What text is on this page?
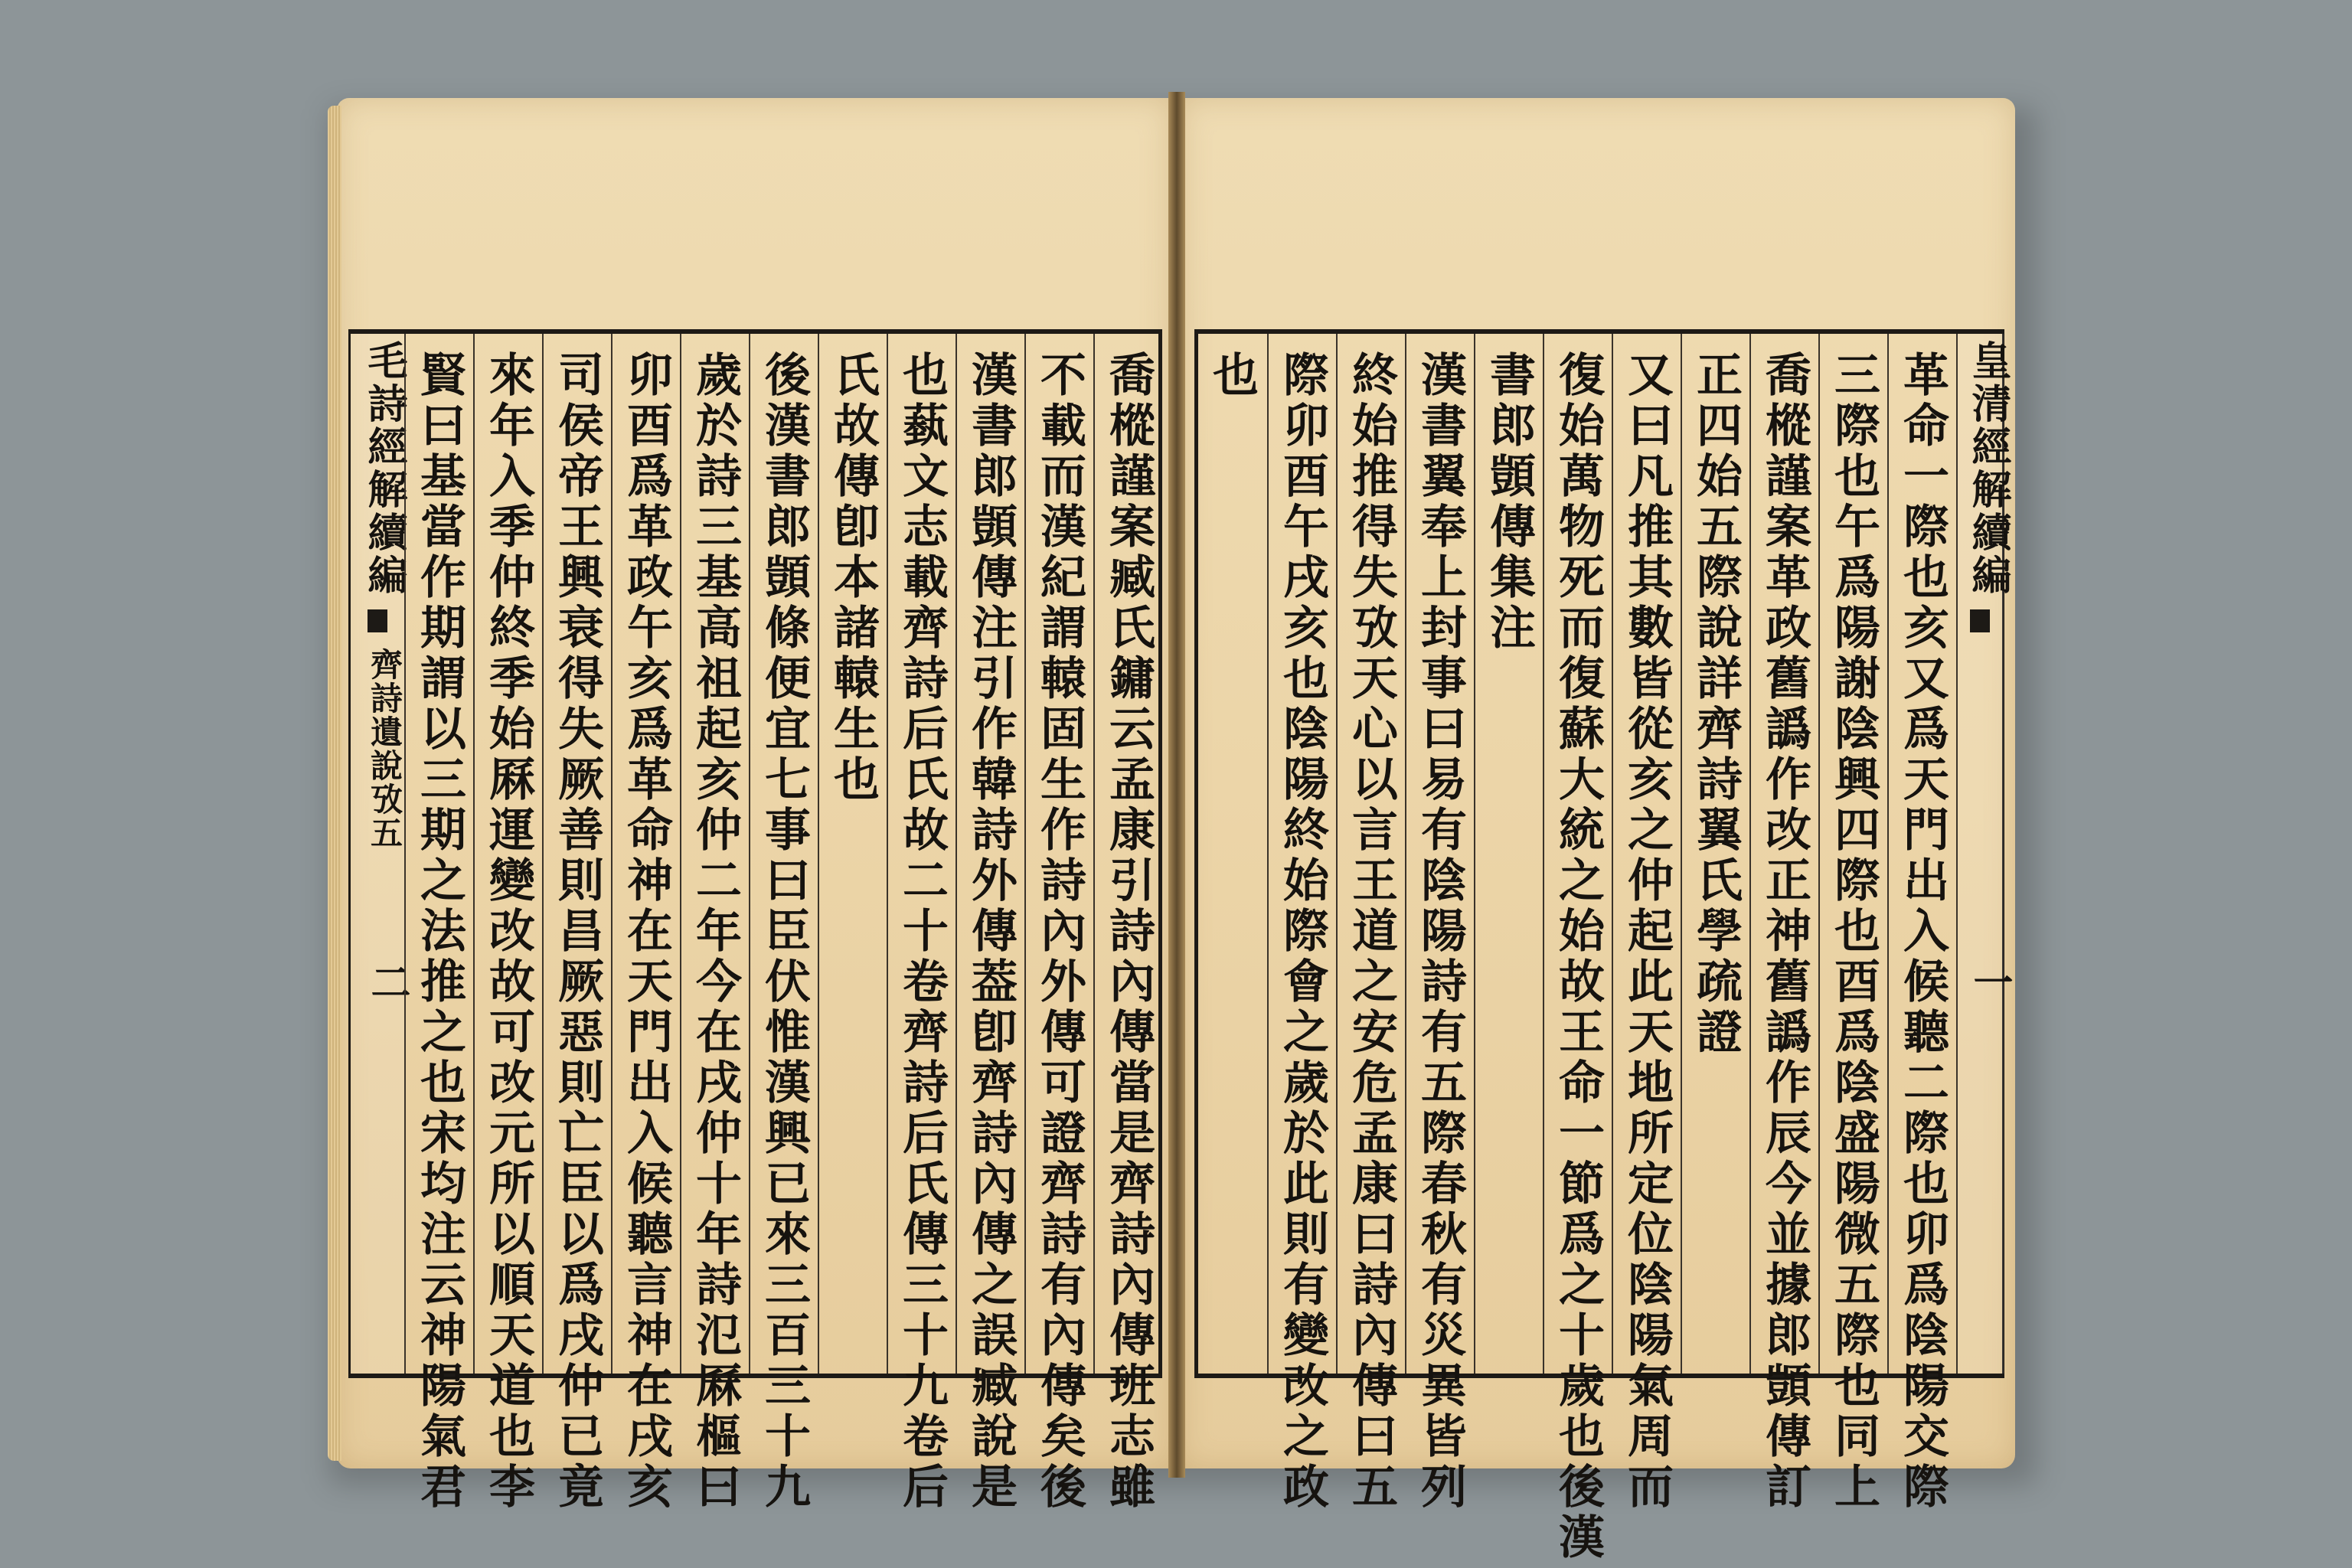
毛詩經解續編
齊詩遺說攷五
二 賢曰基當作期謂以三期之法推之也宋均注云神陽氣君 來年入季仲終季始厤運變改故可改元所以順天道也李 司侯帝王興衰得失厥善則昌厥惡則亡臣以爲戌仲已竟 卯酉爲革政午亥爲革命神在天門出入候聽言神在戌亥 歲於詩三基高祖起亥仲二年今在戌仲十年詩氾厤樞曰 後漢書郎顗條便宜七事曰臣伏惟漢興已來三百三十九 氏故傳卽本諸轅生也 也蓺文志載齊詩后氏故二十卷齊詩后氏傳三十九卷后 漢書郎顗傳注引作韓詩外傳葢卽齊詩內傳之誤臧說是 不載而漢紀謂轅固生作詩內外傳可證齊詩有內傳矣後 喬樅謹案臧氏鏞云孟康引詩內傳當是齊詩內傳班志雖 也 際卯酉午戌亥也陰陽終始際會之歲於此則有變改之政 終始推得失攷天心以言王道之安危孟康曰詩內傳曰五 漢書翼奉上封事曰易有陰陽詩有五際春秋有災異皆列 書郎顗傳集注 復始萬物死而復蘇大統之始故王命一節爲之十歲也後漢 又曰凡推其數皆從亥之仲起此天地所定位陰陽氣周而 正四始五際說詳齊詩翼氏學疏證 喬樅謹案革政舊譌作改正神舊譌作辰今並據郎顗傳訂 三際也午爲陽謝陰興四際也酉爲陰盛陽微五際也同上 革命一際也亥又爲天門出入候聽二際也卯爲陰陽交際 皇清經解續編
一
